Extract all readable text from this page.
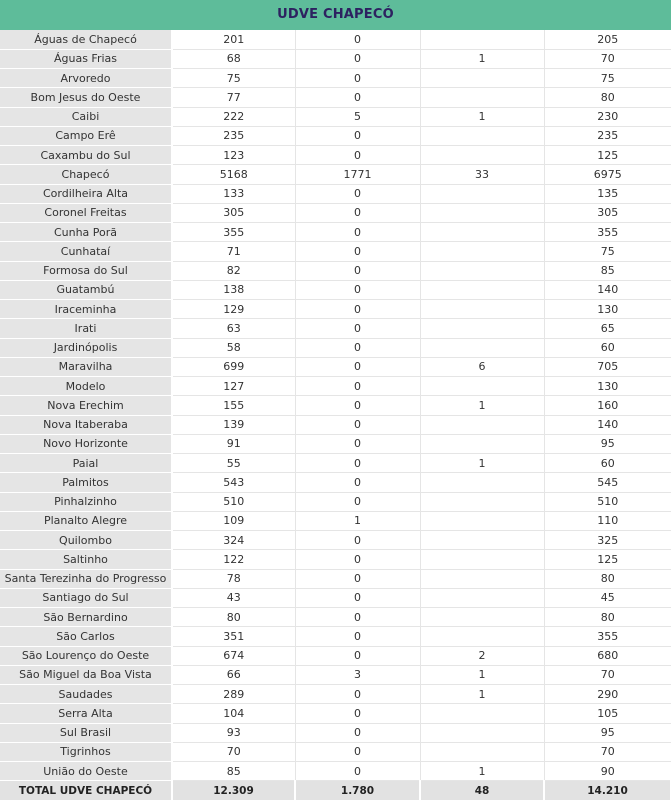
UDVE CHAPECÓ
Águas de Chapecó	201	0		205
Águas Frias	68	0	1	70
Arvoredo	75	0		75
Bom Jesus do Oeste	77	0		80
Caibi	222	5	1	230
Campo Erê	235	0		235
Caxambu do Sul	123	0		125
Chapecó	5168	1771	33	6975
Cordilheira Alta	133	0		135
Coronel Freitas	305	0		305
Cunha Porã	355	0		355
Cunhataí	71	0		75
Formosa do Sul	82	0		85
Guatambú	138	0		140
Iraceminha	129	0		130
Irati	63	0		65
Jardinópolis	58	0		60
Maravilha	699	0	6	705
Modelo	127	0		130
Nova Erechim	155	0	1	160
Nova Itaberaba	139	0		140
Novo Horizonte	91	0		95
Paial	55	0	1	60
Palmitos	543	0		545
Pinhalzinho	510	0		510
Planalto Alegre	109	1		110
Quilombo	324	0		325
Saltinho	122	0		125
Santa Terezinha do Progresso	78	0		80
Santiago do Sul	43	0		45
São Bernardino	80	0		80
São Carlos	351	0		355
São Lourenço do Oeste	674	0	2	680
São Miguel da Boa Vista	66	3	1	70
Saudades	289	0	1	290
Serra Alta	104	0		105
Sul Brasil	93	0		95
Tigrinhos	70	0		70
União do Oeste	85	0	1	90
TOTAL UDVE CHAPECÓ	12.309	1.780	48	14.210
